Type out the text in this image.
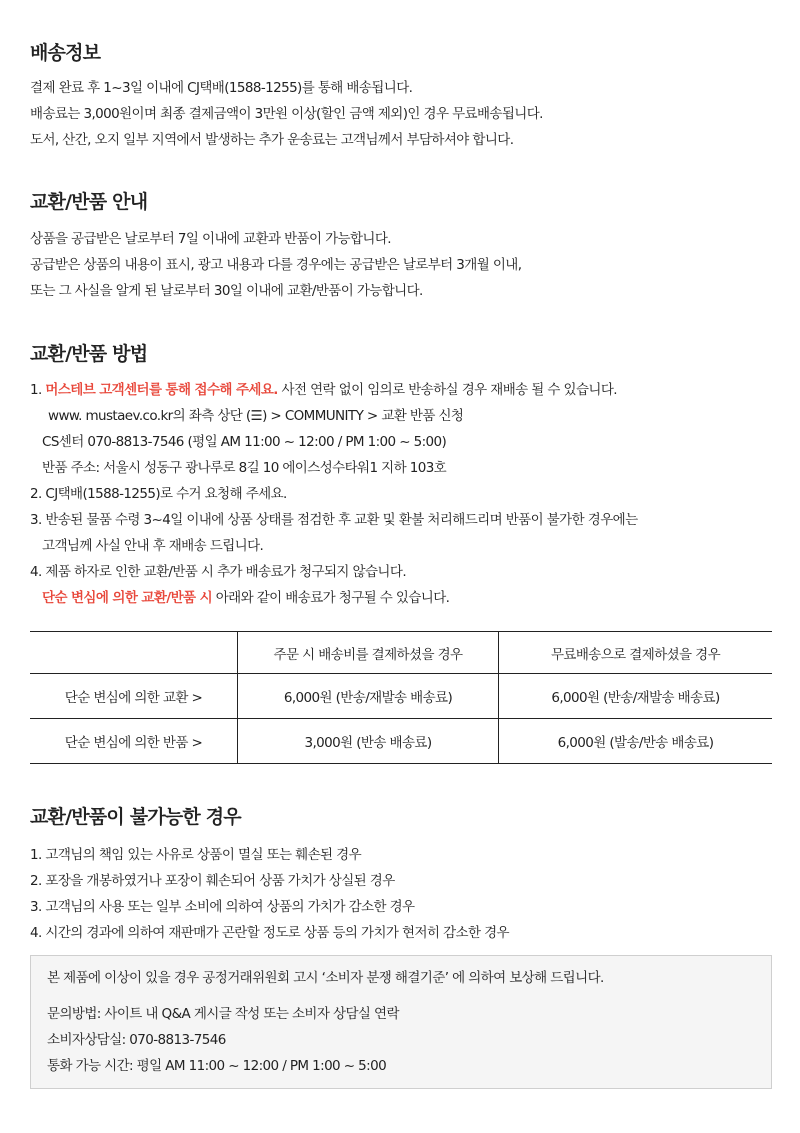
배송정보
결제 완료 후 1~3일 이내에 CJ택배(1588-1255)를 통해 배송됩니다.
배송료는 3,000원이며 최종 결제금액이 3만원 이상(할인 금액 제외)인 경우 무료배송됩니다.
도서, 산간, 오지 일부 지역에서 발생하는 추가 운송료는 고객님께서 부담하셔야 합니다.
교환/반품 안내
상품을 공급받은 날로부터 7일 이내에 교환과 반품이 가능합니다.
공급받은 상품의 내용이 표시, 광고 내용과 다를 경우에는 공급받은 날로부터 3개월 이내,
또는 그 사실을 알게 된 날로부터 30일 이내에 교환/반품이 가능합니다.
교환/반품 방법
1. 머스테브 고객센터를 통해 접수해 주세요. 사전 연락 없이 임의로 반송하실 경우 재배송 될 수 있습니다.
www. mustaev.co.kr의 좌측 상단 (☰) > COMMUNITY > 교환 반품 신청
CS센터 070-8813-7546 (평일 AM 11:00 ~ 12:00 / PM 1:00 ~ 5:00)
반품 주소: 서울시 성동구 광나루로 8길 10 에이스성수타워1 지하 103호
2. CJ택배(1588-1255)로 수거 요청해 주세요.
3. 반송된 물품 수령 3~4일 이내에 상품 상태를 점검한 후 교환 및 환불 처리해드리며 반품이 불가한 경우에는
고객님께 사실 안내 후 재배송 드립니다.
4. 제품 하자로 인한 교환/반품 시 추가 배송료가 청구되지 않습니다.
단순 변심에 의한 교환/반품 시 아래와 같이 배송료가 청구될 수 있습니다.
	주문 시 배송비를 결제하셨을 경우	무료배송으로 결제하셨을 경우
단순 변심에 의한 교환 >	6,000원 (반송/재발송 배송료)	6,000원 (반송/재발송 배송료)
단순 변심에 의한 반품 >	3,000원 (반송 배송료)	6,000원 (발송/반송 배송료)
교환/반품이 불가능한 경우
1. 고객님의 책임 있는 사유로 상품이 멸실 또는 훼손된 경우
2. 포장을 개봉하였거나 포장이 훼손되어 상품 가치가 상실된 경우
3. 고객님의 사용 또는 일부 소비에 의하여 상품의 가치가 감소한 경우
4. 시간의 경과에 의하여 재판매가 곤란할 정도로 상품 등의 가치가 현저히 감소한 경우
본 제품에 이상이 있을 경우 공정거래위원회 고시 ‘소비자 분쟁 해결기준’ 에 의하여 보상해 드립니다.
문의방법: 사이트 내 Q&A 게시글 작성 또는 소비자 상담실 연락
소비자상담실: 070-8813-7546
통화 가능 시간: 평일 AM 11:00 ~ 12:00 / PM 1:00 ~ 5:00
